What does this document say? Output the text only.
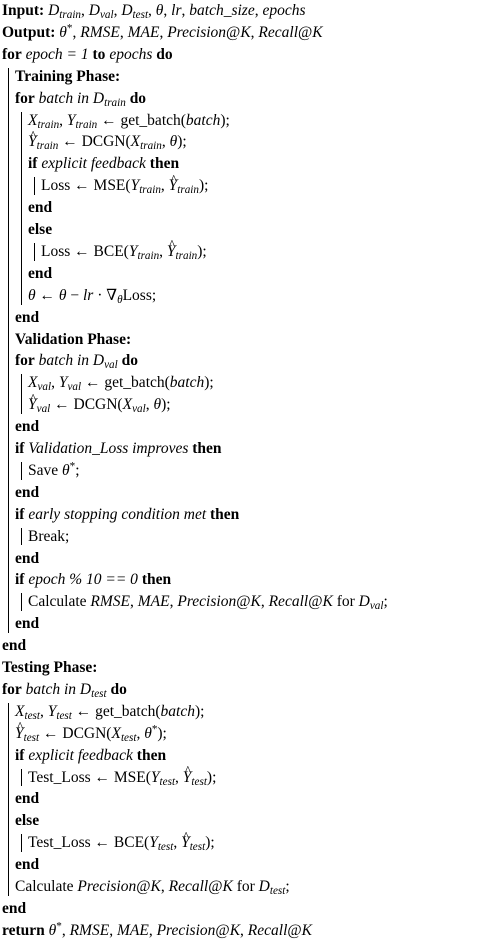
Input: $D_{train}$, $D_{val}$, $D_{test}$, θ, lr, batch_size, epochs
Output: θ*, RMSE, MAE, Precision@K, Recall@K
for epoch = 1 to epochs do
Training Phase:
for batch in $D_{train}$ do
$X_{train}$, $Y_{train}$ ← get_batch(batch);
^ $Y_{train}$ ← $DCGN(X_{train}$, θ);
if explicit feedback then
Loss ← $MSE(Y_{train}$, ^ $Y_{train}$);
end
else
Loss ← $BCE(Y_{train}$, ^ $Y_{train}$);
end
θ ← θ − lr · $\nabla_\theta Loss$;
end
Validation Phase:
for batch in $D_{val}$ do
$X_{val}$, $Y_{val}$ ← get_batch(batch);
^ $Y_{val}$ ← $DCGN(X_{val}$, θ);
end
if Validation_Loss improves then
Save θ*;
end
if early stopping condition met then
Break;
end
if epoch % 10 == 0 then
Calculate RMSE, MAE, Precision@K, Recall@K for $D_{val}$;
end
end
Testing Phase:
for batch in $D_{test}$ do
$X_{test}$, $Y_{test}$ ← get_batch(batch);
^ $Y_{test}$ ← $DCGN(X_{test}$, θ*);
if explicit feedback then
Test_Loss ← $MSE(Y_{test}$, ^ $Y_{test}$);
end
else
Test_Loss ← $BCE(Y_{test}$, ^ $Y_{test}$);
end
Calculate Precision@K, Recall@K for $D_{test}$;
end
return θ*, RMSE, MAE, Precision@K, Recall@K
